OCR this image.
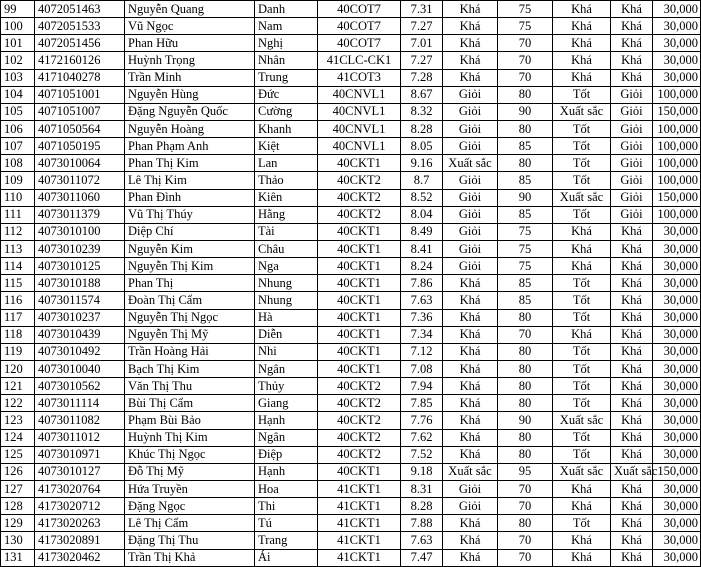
99	4072051463	Nguyễn Quang	Danh	40COT7	7.31	Khá	75	Khá	Khá	30,000
100	4072051533	Vũ Ngọc	Nam	40COT7	7.27	Khá	75	Khá	Khá	30,000
101	4072051456	Phan Hữu	Nghị	40COT7	7.01	Khá	70	Khá	Khá	30,000
102	4172160126	Huỳnh Trọng	Nhân	41CLC-CK1	7.27	Khá	70	Khá	Khá	30,000
103	4171040278	Trần Minh	Trung	41COT3	7.28	Khá	70	Khá	Khá	30,000
104	4071051001	Nguyễn Hùng	Đức	40CNVL1	8.67	Giỏi	80	Tốt	Giỏi	100,000
105	4071051007	Đặng Nguyễn Quốc	Cường	40CNVL1	8.32	Giỏi	90	Xuất sắc	Giỏi	150,000
106	4071050564	Nguyễn Hoàng	Khanh	40CNVL1	8.28	Giỏi	80	Tốt	Giỏi	100,000
107	4071050195	Phan Phạm Anh	Kiệt	40CNVL1	8.05	Giỏi	85	Tốt	Giỏi	100,000
108	4073010064	Phan Thị Kim	Lan	40CKT1	9.16	Xuất sắc	80	Tốt	Giỏi	100,000
109	4073011072	Lê Thị Kim	Thảo	40CKT2	8.7	Giỏi	85	Tốt	Giỏi	100,000
110	4073011060	Phan Đình	Kiên	40CKT2	8.52	Giỏi	90	Xuất sắc	Giỏi	150,000
111	4073011379	Vũ Thị Thúy	Hằng	40CKT2	8.04	Giỏi	85	Tốt	Giỏi	100,000
112	4073010100	Diệp Chí	Tài	40CKT1	8.49	Giỏi	75	Khá	Khá	30,000
113	4073010239	Nguyễn Kim	Châu	40CKT1	8.41	Giỏi	75	Khá	Khá	30,000
114	4073010125	Nguyễn Thị Kim	Nga	40CKT1	8.24	Giỏi	75	Khá	Khá	30,000
115	4073010188	Phan Thị	Nhung	40CKT1	7.86	Khá	85	Tốt	Khá	30,000
116	4073011574	Đoàn Thị Cẩm	Nhung	40CKT1	7.63	Khá	85	Tốt	Khá	30,000
117	4073010237	Nguyễn Thị Ngọc	Hà	40CKT1	7.36	Khá	80	Tốt	Khá	30,000
118	4073010439	Nguyễn Thị Mỹ	Diễn	40CKT1	7.34	Khá	70	Khá	Khá	30,000
119	4073010492	Trần Hoàng Hải	Nhi	40CKT1	7.12	Khá	80	Tốt	Khá	30,000
120	4073010040	Bạch Thị Kim	Ngân	40CKT1	7.08	Khá	80	Tốt	Khá	30,000
121	4073010562	Văn Thị Thu	Thủy	40CKT2	7.94	Khá	80	Tốt	Khá	30,000
122	4073011114	Bùi Thị Cẩm	Giang	40CKT2	7.85	Khá	80	Tốt	Khá	30,000
123	4073011082	Phạm Bùi Bảo	Hạnh	40CKT2	7.76	Khá	90	Xuất sắc	Khá	30,000
124	4073011012	Huỳnh Thị Kim	Ngân	40CKT2	7.62	Khá	80	Tốt	Khá	30,000
125	4073010971	Khúc Thị Ngọc	Điệp	40CKT2	7.52	Khá	80	Tốt	Khá	30,000
126	4073010127	Đỗ Thị Mỹ	Hạnh	40CKT1	9.18	Xuất sắc	95	Xuất sắc	Xuất sắc	150,000
127	4173020764	Hứa Truyền	Hoa	41CKT1	8.31	Giỏi	70	Khá	Khá	30,000
128	4173020712	Đặng Ngọc	Thi	41CKT1	8.28	Giỏi	70	Khá	Khá	30,000
129	4173020263	Lê Thị Cẩm	Tú	41CKT1	7.88	Khá	80	Tốt	Khá	30,000
130	4173020891	Đặng Thị Thu	Trang	41CKT1	7.63	Khá	70	Khá	Khá	30,000
131	4173020462	Trần Thị Khả	Ái	41CKT1	7.47	Khá	70	Khá	Khá	30,000
